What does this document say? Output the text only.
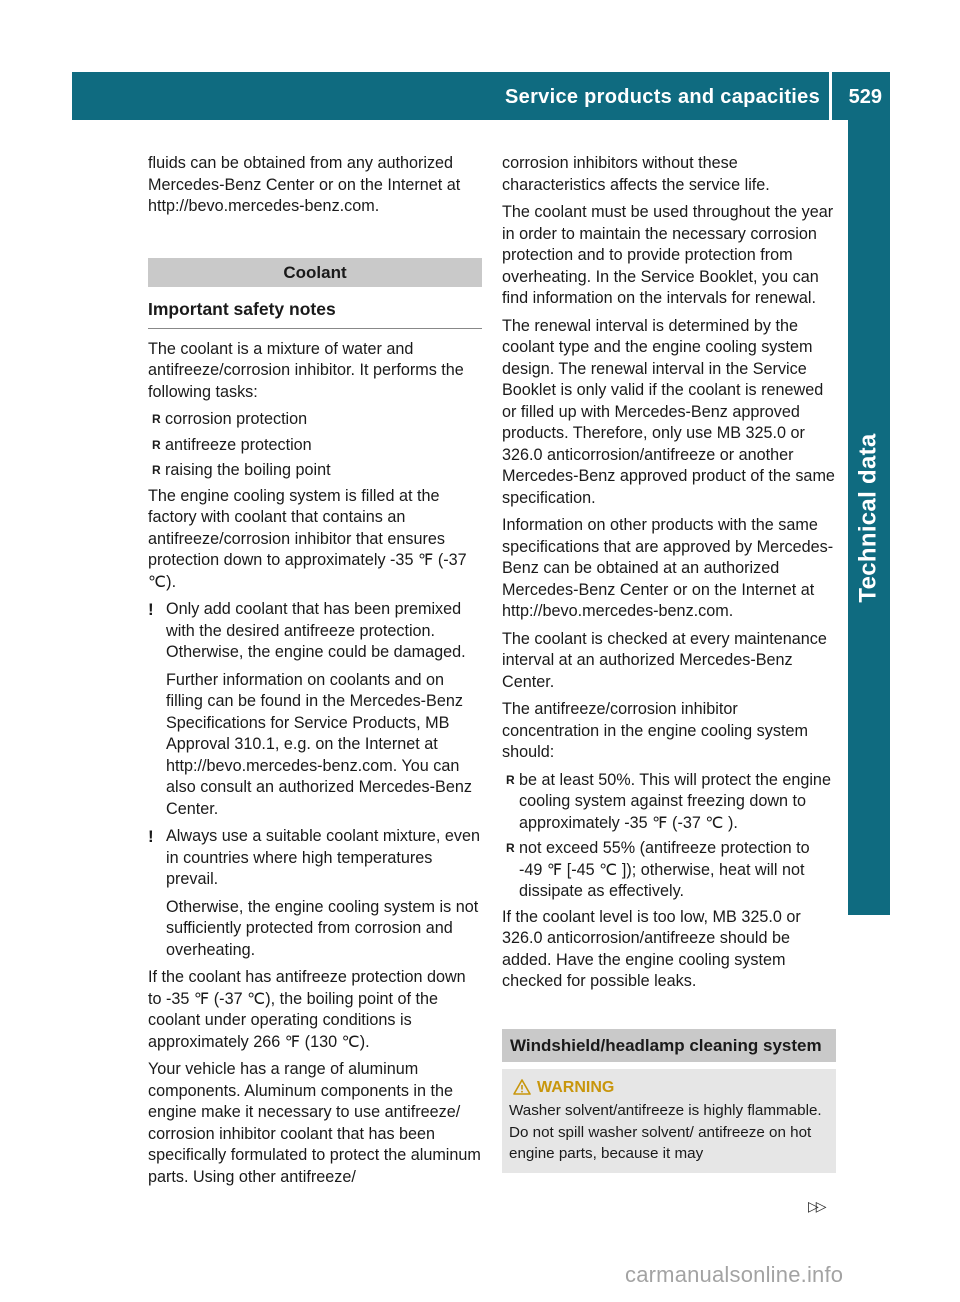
Service products and capacities 529
Technical data

fluids can be obtained from any authorized Mercedes-Benz Center or on the Internet at http://bevo.mercedes-benz.com.

Coolant
Important safety notes

The coolant is a mixture of water and antifreeze/corrosion inhibitor. It performs the following tasks:

R corrosion protection
R antifreeze protection
R raising the boiling point

The engine cooling system is filled at the factory with coolant that contains an antifreeze/corrosion inhibitor that ensures protection down to approximately -35 ℉ (-37 ℃).

! Only add coolant that has been premixed with the desired antifreeze protection. Otherwise, the engine could be damaged.

Further information on coolants and on filling can be found in the Mercedes-Benz Specifications for Service Products, MB Approval 310.1, e.g. on the Internet at http://bevo.mercedes-benz.com. You can also consult an authorized Mercedes-Benz Center.

! Always use a suitable coolant mixture, even in countries where high temperatures prevail.

Otherwise, the engine cooling system is not sufficiently protected from corrosion and overheating.

If the coolant has antifreeze protection down to -35 ℉ (-37 ℃), the boiling point of the coolant under operating conditions is approximately 266 ℉ (130 ℃).

Your vehicle has a range of aluminum components. Aluminum components in the engine make it necessary to use antifreeze/ corrosion inhibitor coolant that has been specifically formulated to protect the aluminum parts. Using other antifreeze/

corrosion inhibitors without these characteristics affects the service life.

The coolant must be used throughout the year in order to maintain the necessary corrosion protection and to provide protection from overheating. In the Service Booklet, you can find information on the intervals for renewal.

The renewal interval is determined by the coolant type and the engine cooling system design. The renewal interval in the Service Booklet is only valid if the coolant is renewed or filled up with Mercedes-Benz approved products. Therefore, only use MB 325.0 or 326.0 anticorrosion/antifreeze or another Mercedes-Benz approved product of the same specification.

Information on other products with the same specifications that are approved by Mercedes-Benz can be obtained at an authorized Mercedes-Benz Center or on the Internet at http://bevo.mercedes-benz.com.

The coolant is checked at every maintenance interval at an authorized Mercedes-Benz Center.

The antifreeze/corrosion inhibitor concentration in the engine cooling system should:

R be at least 50%. This will protect the engine cooling system against freezing down to approximately -35 ℉ (-37 ℃ ).
R not exceed 55% (antifreeze protection to -49 ℉ [-45 ℃ ]); otherwise, heat will not dissipate as effectively.

If the coolant level is too low, MB 325.0 or 326.0 anticorrosion/antifreeze should be added. Have the engine cooling system checked for possible leaks.

Windshield/headlamp cleaning system
WARNING
Washer solvent/antifreeze is highly flammable. Do not spill washer solvent/ antifreeze on hot engine parts, because it may
▷▷
carmanualsonline.info
